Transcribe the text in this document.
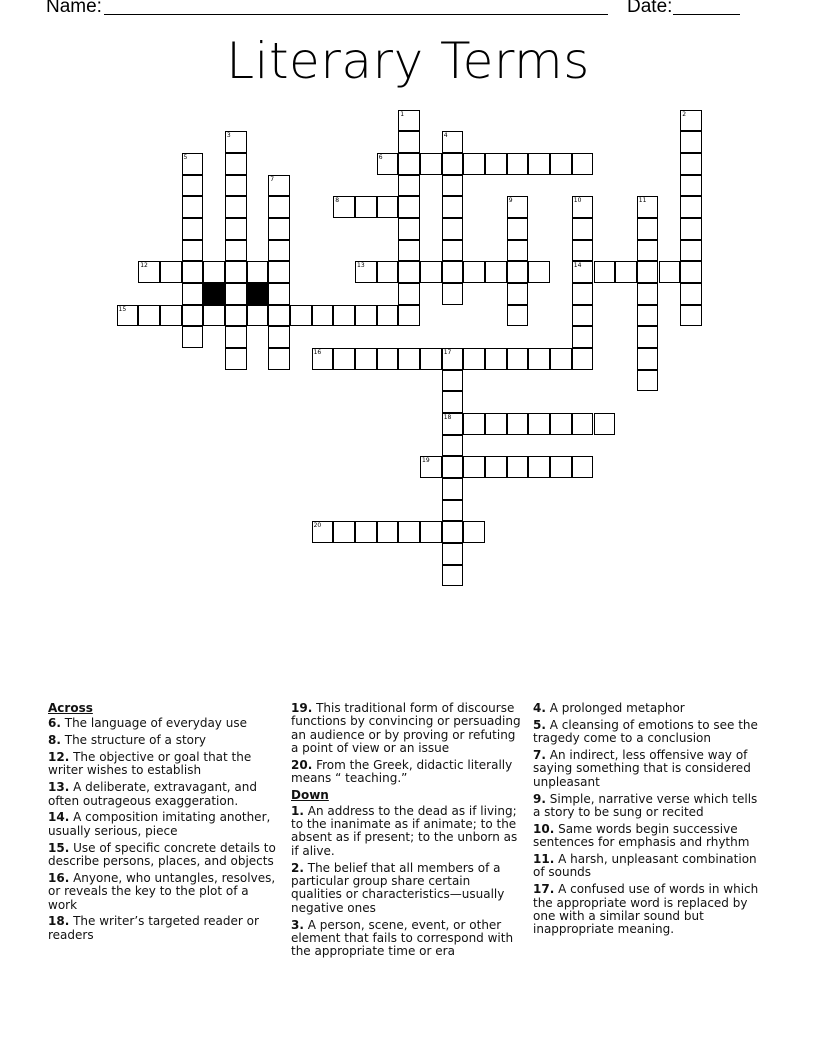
Name:	Date:
Literary Terms
6
8
12	13	14
15
16	17
18
19
20
1	2
3	4
5
7
9	10	11
Across
6. The language of everyday use
8. The structure of a story
12. The objective or goal that the writer wishes to establish
13. A deliberate, extravagant, and often outrageous exaggeration.
14. A composition imitating another, usually serious, piece
15. Use of specific concrete details to describe persons, places, and objects
16. Anyone, who untangles, resolves, or reveals the key to the plot of a work
18. The writer’s targeted reader or readers
19. This traditional form of discourse functions by convincing or persuading an audience or by proving or refuting a point of view or an issue
20. From the Greek, didactic literally means “ teaching.”
Down
1. An address to the dead as if living; to the inanimate as if animate; to the absent as if present; to the unborn as if alive.
2. The belief that all members of a particular group share certain qualities or characteristics—usually negative ones
3. A person, scene, event, or other element that fails to correspond with the appropriate time or era
4. A prolonged metaphor
5. A cleansing of emotions to see the tragedy come to a conclusion
7. An indirect, less offensive way of saying something that is considered unpleasant
9. Simple, narrative verse which tells a story to be sung or recited
10. Same words begin successive sentences for emphasis and rhythm
11. A harsh, unpleasant combination of sounds
17. A confused use of words in which the appropriate word is replaced by one with a similar sound but inappropriate meaning.
